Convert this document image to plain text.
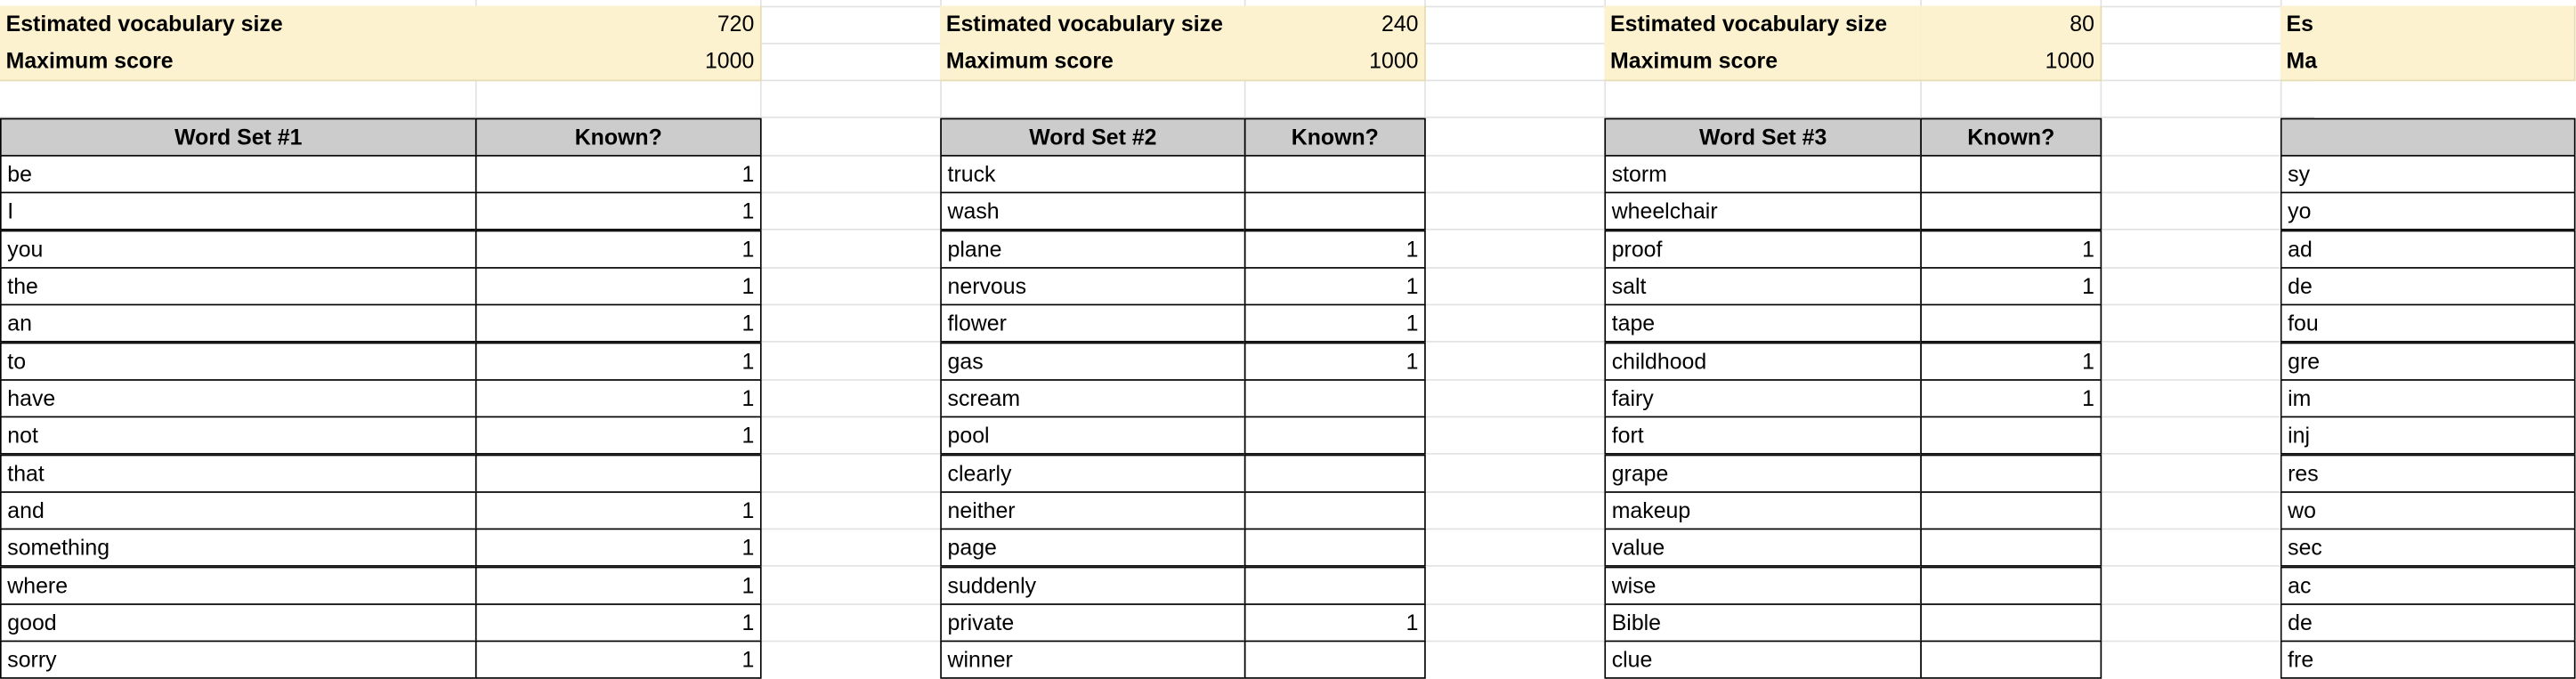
Estimated vocabulary size	720
Maximum score	1000
Word Set #1	Known?
be	1
I	1
you	1
the	1
an	1
to	1
have	1
not	1
that
and	1
something	1
where	1
good	1
sorry	1
Estimated vocabulary size	240
Maximum score	1000
Word Set #2	Known?
truck
wash
plane	1
nervous	1
flower	1
gas	1
scream
pool
clearly
neither
page
suddenly
private	1
winner
Estimated vocabulary size	80
Maximum score	1000
Word Set #3	Known?
storm
wheelchair
proof	1
salt	1
tape
childhood	1
fairy	1
fort
grape
makeup
value
wise
Bible
clue
Es
Ma
sy
yo
ad
de
fou
gre
im
inj
res
wo
sec
ac
de
fre
